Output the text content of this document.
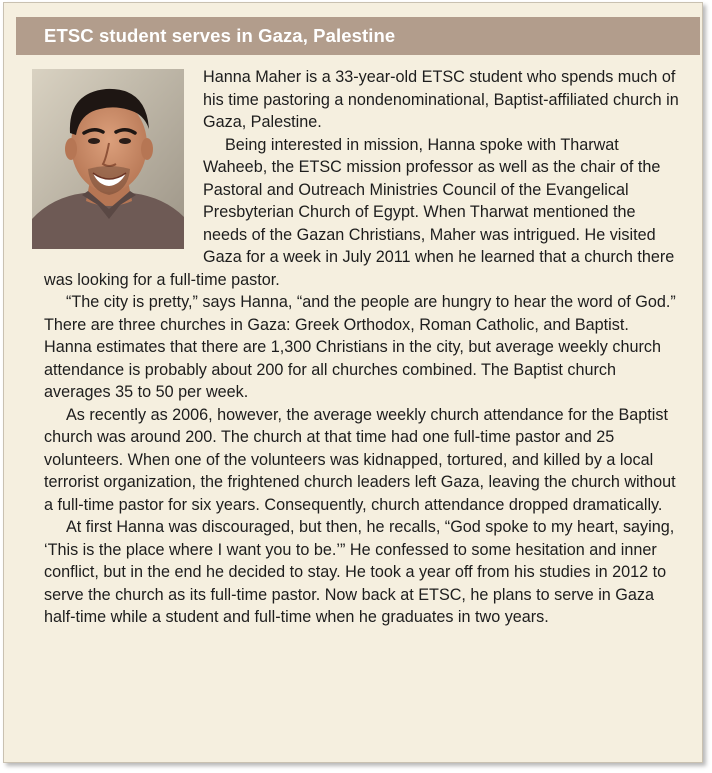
ETSC student serves in Gaza, Palestine

Hanna Maher is a 33-year-old ETSC student who spends much of his time pastoring a nondenominational, Baptist-affiliated church in Gaza, Palestine.

Being interested in mission, Hanna spoke with Tharwat Waheeb, the ETSC mission professor as well as the chair of the Pastoral and Outreach Ministries Council of the Evangelical Presbyterian Church of Egypt. When Tharwat mentioned the needs of the Gazan Christians, Maher was intrigued. He visited Gaza for a week in July 2011 when he learned that a church there was looking for a full-time pastor.

“The city is pretty,” says Hanna, “and the people are hungry to hear the word of God.” There are three churches in Gaza: Greek Orthodox, Roman Catholic, and Baptist. Hanna estimates that there are 1,300 Christians in the city, but average weekly church attendance is probably about 200 for all churches combined. The Baptist church averages 35 to 50 per week.

As recently as 2006, however, the average weekly church attendance for the Baptist church was around 200. The church at that time had one full-time pastor and 25 volunteers. When one of the volunteers was kidnapped, tortured, and killed by a local terrorist organization, the frightened church leaders left Gaza, leaving the church without a full-time pastor for six years. Consequently, church attendance dropped dramatically.

At first Hanna was discouraged, but then, he recalls, “God spoke to my heart, saying, ‘This is the place where I want you to be.’” He confessed to some hesitation and inner conflict, but in the end he decided to stay. He took a year off from his studies in 2012 to serve the church as its full-time pastor. Now back at ETSC, he plans to serve in Gaza half-time while a student and full-time when he graduates in two years.
